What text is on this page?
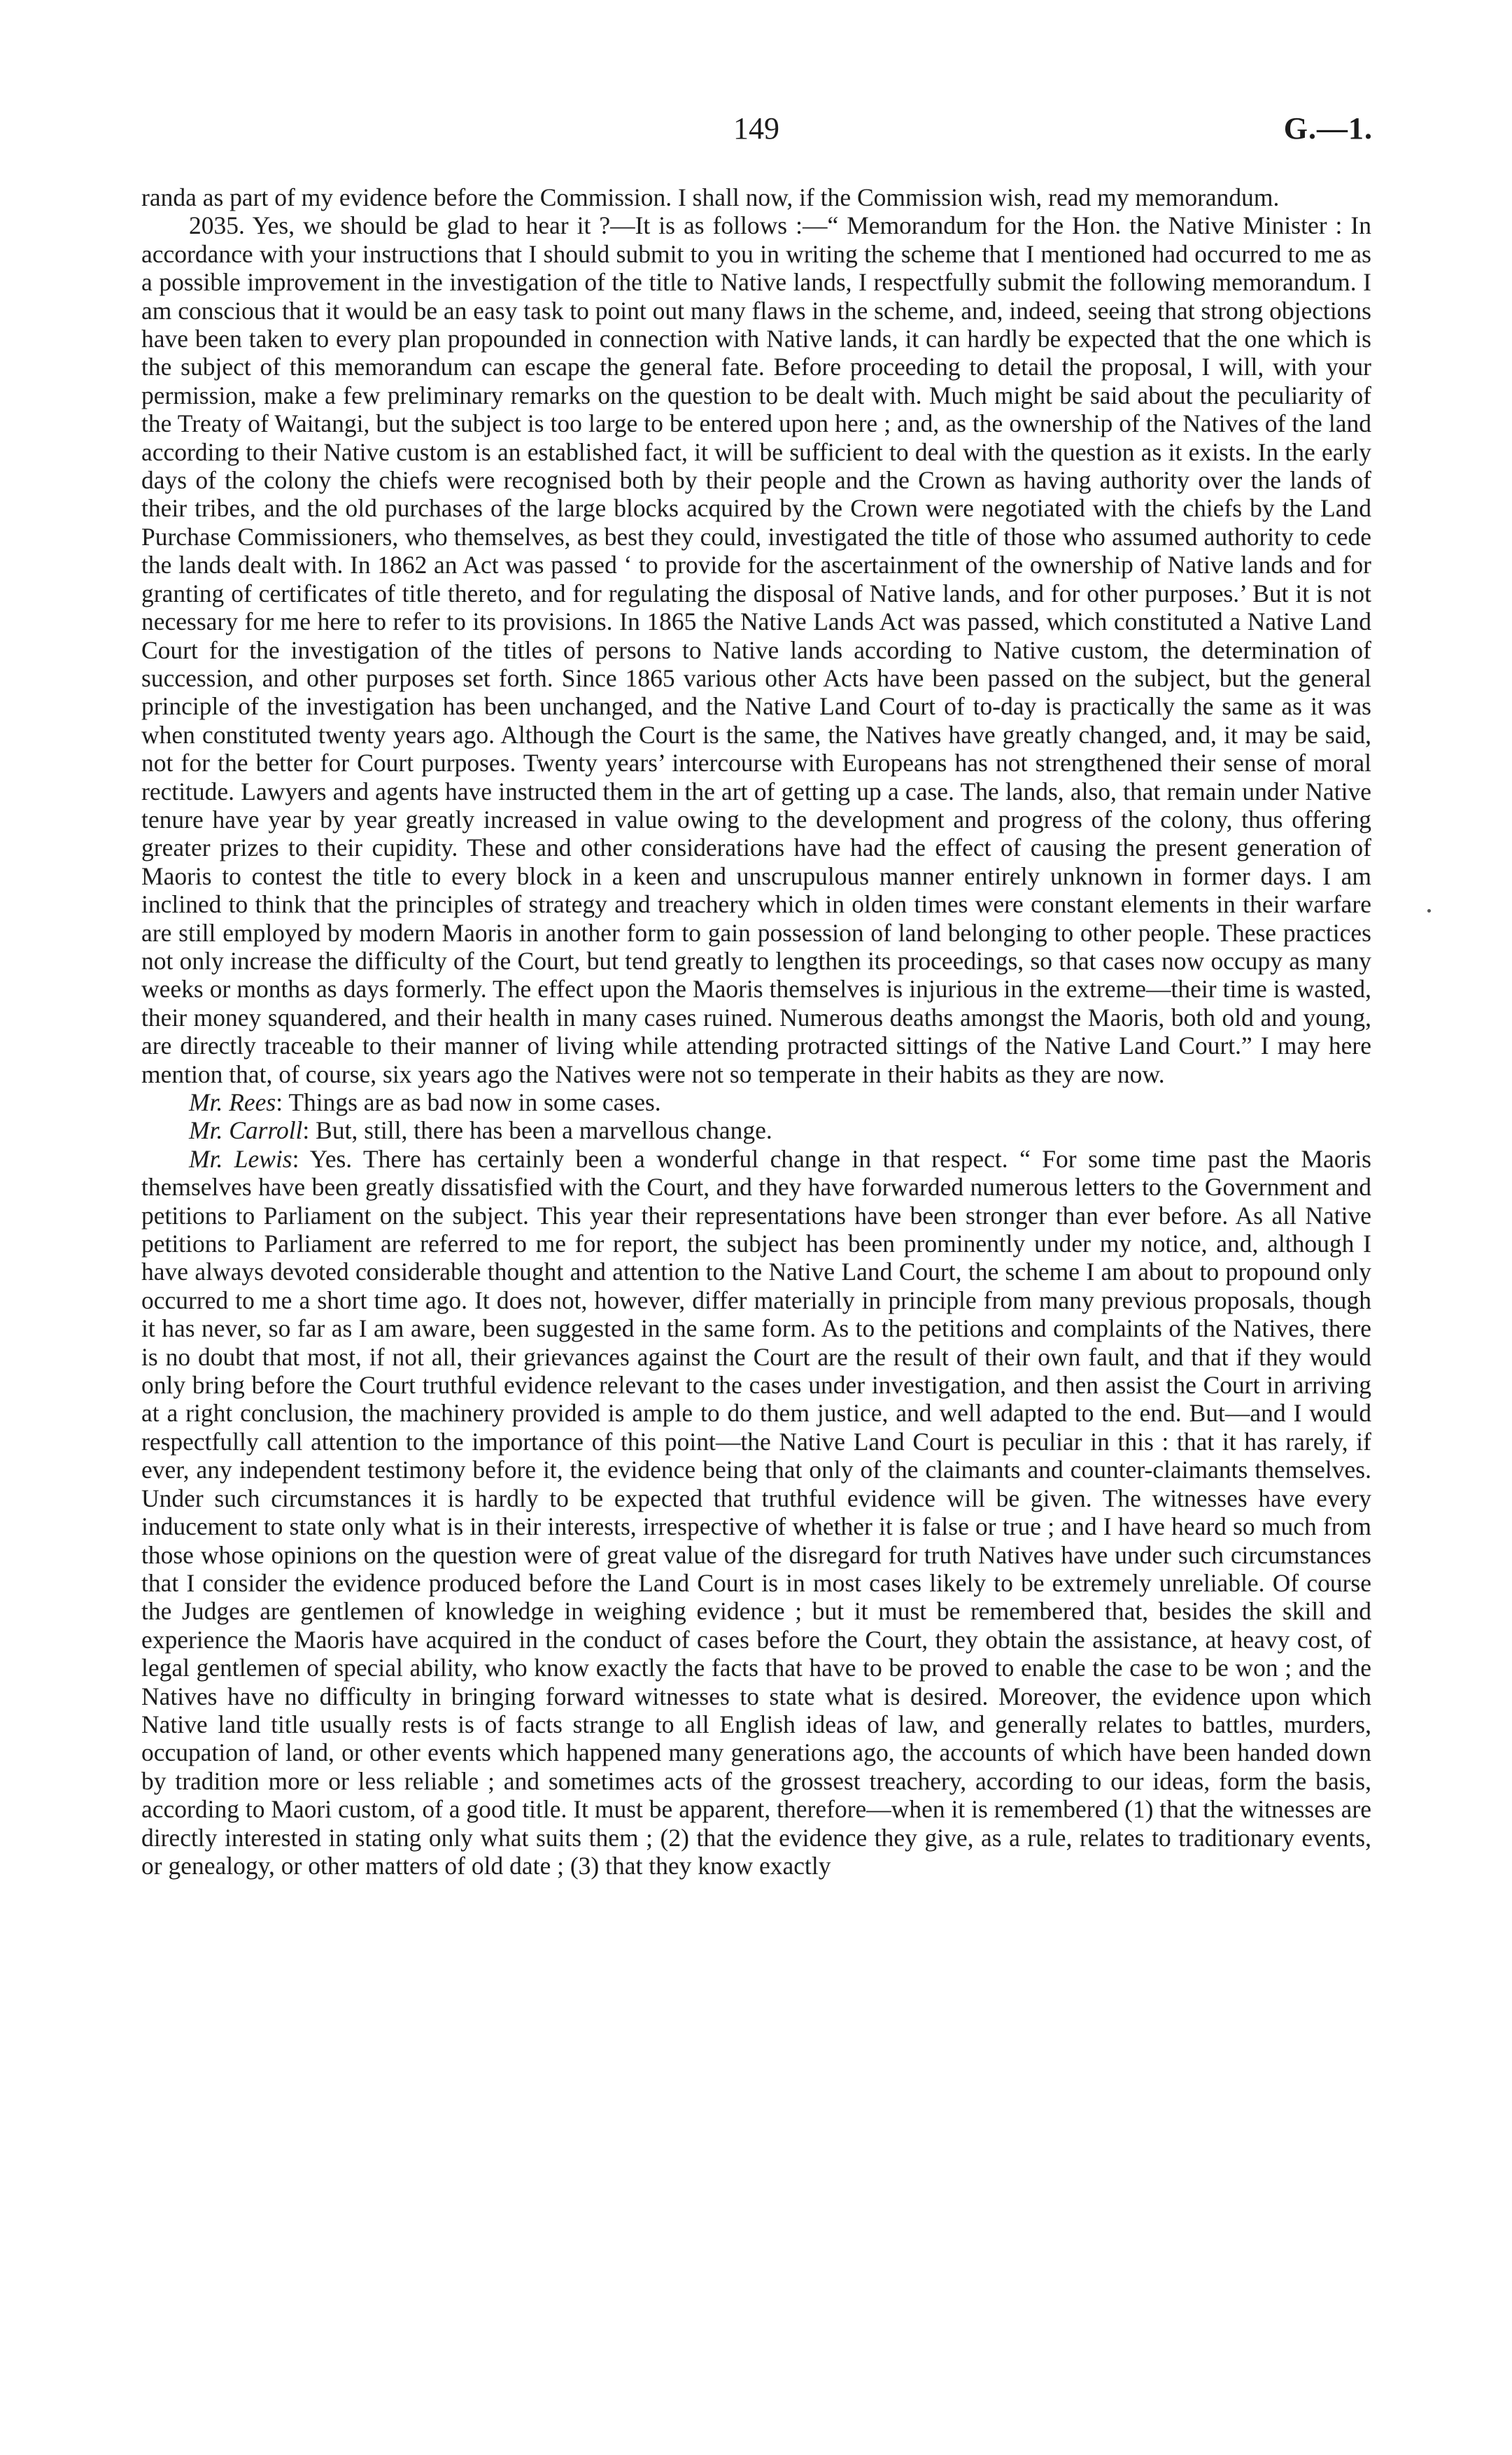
149	G.—1.

randa as part of my evidence before the Commission. I shall now, if the Commission wish, read my memorandum.

2035. Yes, we should be glad to hear it ?—It is as follows :—“ Memorandum for the Hon. the Native Minister : In accordance with your instructions that I should submit to you in writing the scheme that I mentioned had occurred to me as a possible improvement in the investigation of the title to Native lands, I respectfully submit the following memorandum. I am conscious that it would be an easy task to point out many flaws in the scheme, and, indeed, seeing that strong objections have been taken to every plan propounded in connection with Native lands, it can hardly be expected that the one which is the subject of this memorandum can escape the general fate. Before proceeding to detail the proposal, I will, with your permission, make a few preliminary remarks on the question to be dealt with. Much might be said about the peculiarity of the Treaty of Waitangi, but the subject is too large to be entered upon here ; and, as the ownership of the Natives of the land according to their Native custom is an established fact, it will be sufficient to deal with the question as it exists. In the early days of the colony the chiefs were recognised both by their people and the Crown as having authority over the lands of their tribes, and the old purchases of the large blocks acquired by the Crown were negotiated with the chiefs by the Land Purchase Commissioners, who themselves, as best they could, investigated the title of those who assumed authority to cede the lands dealt with. In 1862 an Act was passed ‘ to provide for the ascertainment of the ownership of Native lands and for granting of certificates of title thereto, and for regulating the disposal of Native lands, and for other purposes.’ But it is not necessary for me here to refer to its provisions. In 1865 the Native Lands Act was passed, which constituted a Native Land Court for the investigation of the titles of persons to Native lands according to Native custom, the determination of succession, and other purposes set forth. Since 1865 various other Acts have been passed on the subject, but the general principle of the investigation has been unchanged, and the Native Land Court of to-day is practically the same as it was when constituted twenty years ago. Although the Court is the same, the Natives have greatly changed, and, it may be said, not for the better for Court purposes. Twenty years’ intercourse with Europeans has not strengthened their sense of moral rectitude. Lawyers and agents have instructed them in the art of getting up a case. The lands, also, that remain under Native tenure have year by year greatly increased in value owing to the development and progress of the colony, thus offering greater prizes to their cupidity. These and other considerations have had the effect of causing the present generation of Maoris to contest the title to every block in a keen and unscrupulous manner entirely unknown in former days. I am inclined to think that the principles of strategy and treachery which in olden times were constant elements in their warfare are still employed by modern Maoris in another form to gain possession of land belonging to other people. These practices not only increase the difficulty of the Court, but tend greatly to lengthen its proceedings, so that cases now occupy as many weeks or months as days formerly. The effect upon the Maoris themselves is injurious in the extreme—their time is wasted, their money squandered, and their health in many cases ruined. Numerous deaths amongst the Maoris, both old and young, are directly traceable to their manner of living while attending protracted sittings of the Native Land Court.” I may here mention that, of course, six years ago the Natives were not so temperate in their habits as they are now.

Mr. Rees: Things are as bad now in some cases.

Mr. Carroll: But, still, there has been a marvellous change.

Mr. Lewis: Yes. There has certainly been a wonderful change in that respect. “ For some time past the Maoris themselves have been greatly dissatisfied with the Court, and they have forwarded numerous letters to the Government and petitions to Parliament on the subject. This year their representations have been stronger than ever before. As all Native petitions to Parliament are referred to me for report, the subject has been prominently under my notice, and, although I have always devoted considerable thought and attention to the Native Land Court, the scheme I am about to propound only occurred to me a short time ago. It does not, however, differ materially in principle from many previous proposals, though it has never, so far as I am aware, been suggested in the same form. As to the petitions and complaints of the Natives, there is no doubt that most, if not all, their grievances against the Court are the result of their own fault, and that if they would only bring before the Court truthful evidence relevant to the cases under investigation, and then assist the Court in arriving at a right conclusion, the machinery provided is ample to do them justice, and well adapted to the end. But—and I would respectfully call attention to the importance of this point—the Native Land Court is peculiar in this : that it has rarely, if ever, any independent testimony before it, the evidence being that only of the claimants and counter-claimants themselves. Under such circumstances it is hardly to be expected that truthful evidence will be given. The witnesses have every inducement to state only what is in their interests, irrespective of whether it is false or true ; and I have heard so much from those whose opinions on the question were of great value of the disregard for truth Natives have under such circumstances that I consider the evidence produced before the Land Court is in most cases likely to be extremely unreliable. Of course the Judges are gentlemen of knowledge in weighing evidence ; but it must be remembered that, besides the skill and experience the Maoris have acquired in the conduct of cases before the Court, they obtain the assistance, at heavy cost, of legal gentlemen of special ability, who know exactly the facts that have to be proved to enable the case to be won ; and the Natives have no difficulty in bringing forward witnesses to state what is desired. Moreover, the evidence upon which Native land title usually rests is of facts strange to all English ideas of law, and generally relates to battles, murders, occupation of land, or other events which happened many generations ago, the accounts of which have been handed down by tradition more or less reliable ; and sometimes acts of the grossest treachery, according to our ideas, form the basis, according to Maori custom, of a good title. It must be apparent, therefore—when it is remembered (1) that the witnesses are directly interested in stating only what suits them ; (2) that the evidence they give, as a rule, relates to traditionary events, or genealogy, or other matters of old date ; (3) that they know exactly
